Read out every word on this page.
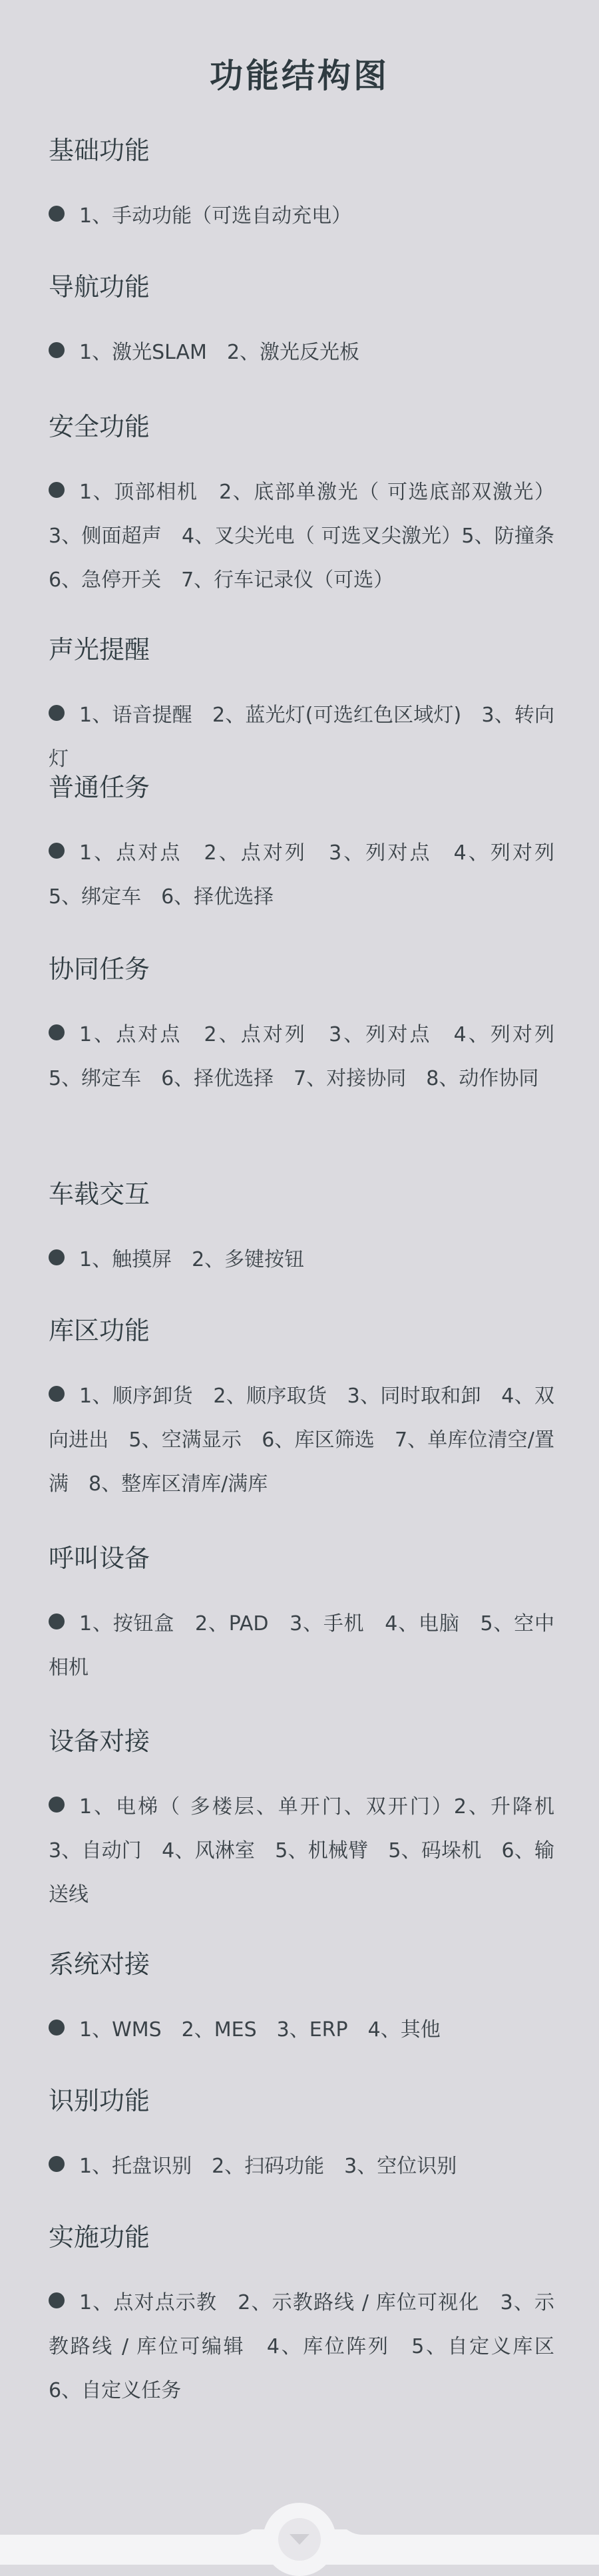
功能结构图
基础功能

1、手动功能（可选自动充电）

导航功能

1、激光SLAM　2、激光反光板

安全功能

1、顶部相机　2、底部单激光（ 可选底部双激光）3、侧面超声　4、叉尖光电（ 可选叉尖激光）5、防撞条　6、急停开关　7、行车记录仪（可选）

声光提醒

1、语音提醒　2、蓝光灯(可选红色区域灯)　3、转向灯

普通任务

1、点对点　2、点对列　3、列对点　4、列对列　5、绑定车　6、择优选择

协同任务

1、点对点　2、点对列　3、列对点　4、列对列　5、绑定车　6、择优选择　7、对接协同　8、动作协同

车载交互

1、触摸屏　2、多键按钮

库区功能

1、顺序卸货　2、顺序取货　3、同时取和卸　4、双向进出　5、空满显示　6、库区筛选　7、单库位清空/置满　8、整库区清库/满库

呼叫设备

1、按钮盒　2、PAD　3、手机　4、电脑　5、空中相机

设备对接

1、电梯（ 多楼层、单开门、双开门）2、升降机　3、自动门　4、风淋室　5、机械臂　5、码垛机　6、输送线

系统对接

1、WMS　2、MES　3、ERP　4、其他

识别功能

1、托盘识别　2、扫码功能　3、空位识别

实施功能

1、点对点示教　2、示教路线 / 库位可视化　3、示教路线 / 库位可编辑　4、库位阵列　5、自定义库区　6、自定义任务
